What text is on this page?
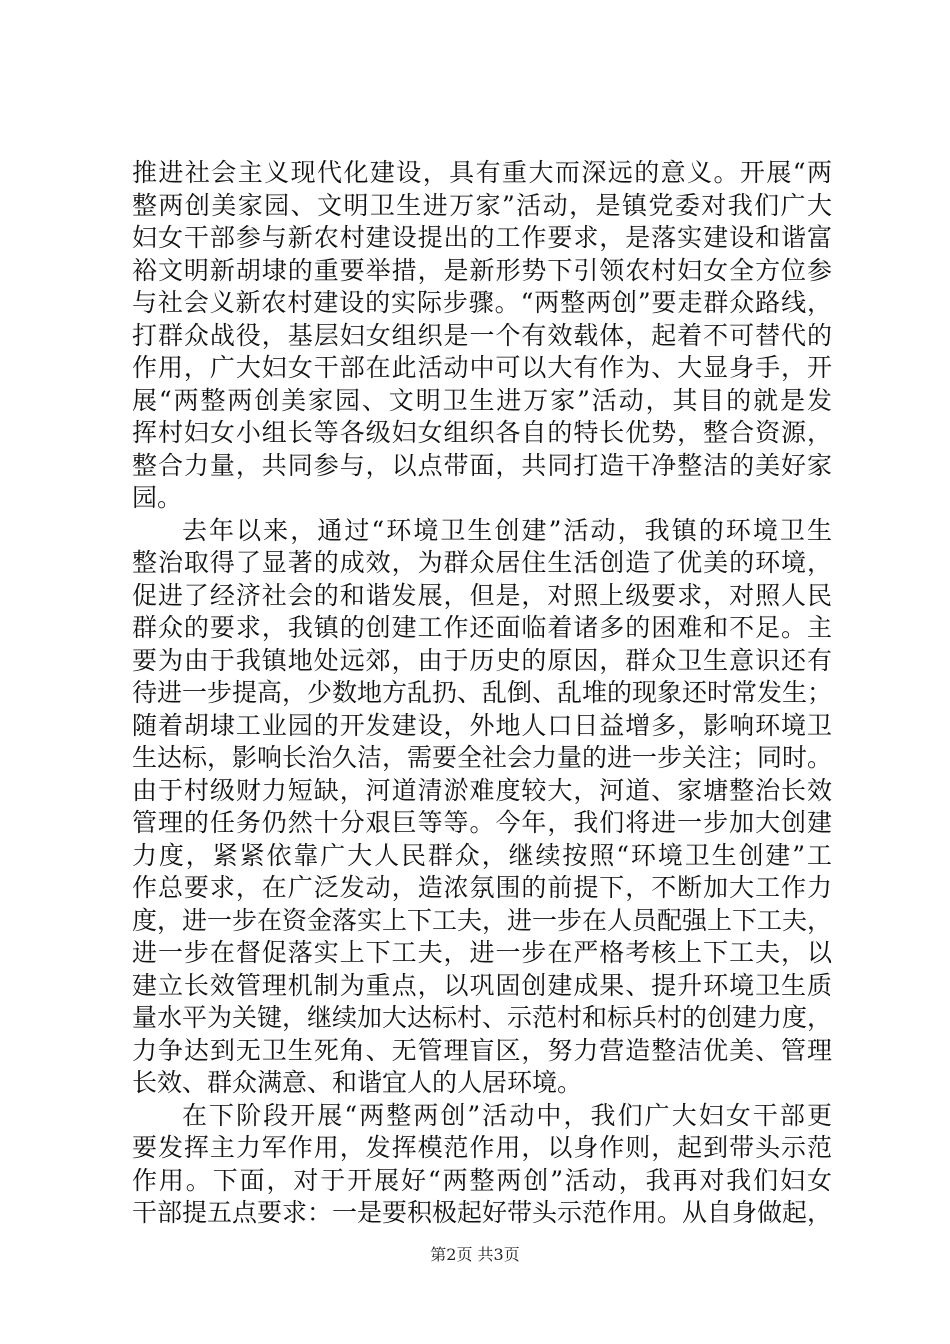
推进社会主义现代化建设，具有重大而深远的意义。开展“两
整两创美家园、文明卫生进万家”活动，是镇党委对我们广大
妇女干部参与新农村建设提出的工作要求，是落实建设和谐富
裕文明新胡埭的重要举措，是新形势下引领农村妇女全方位参
与社会义新农村建设的实际步骤。“两整两创”要走群众路线，
打群众战役，基层妇女组织是一个有效载体，起着不可替代的
作用，广大妇女干部在此活动中可以大有作为、大显身手，开
展“两整两创美家园、文明卫生进万家”活动，其目的就是发
挥村妇女小组长等各级妇女组织各自的特长优势，整合资源，
整合力量，共同参与，以点带面，共同打造干净整洁的美好家
园。
去年以来，通过“环境卫生创建”活动，我镇的环境卫生
整治取得了显著的成效，为群众居住生活创造了优美的环境，
促进了经济社会的和谐发展，但是，对照上级要求，对照人民
群众的要求，我镇的创建工作还面临着诸多的困难和不足。主
要为由于我镇地处远郊，由于历史的原因，群众卫生意识还有
待进一步提高，少数地方乱扔、乱倒、乱堆的现象还时常发生；
随着胡埭工业园的开发建设，外地人口日益增多，影响环境卫
生达标，影响长治久洁，需要全社会力量的进一步关注；同时。
由于村级财力短缺，河道清淤难度较大，河道、家塘整治长效
管理的任务仍然十分艰巨等等。今年，我们将进一步加大创建
力度，紧紧依靠广大人民群众，继续按照“环境卫生创建”工
作总要求，在广泛发动，造浓氛围的前提下，不断加大工作力
度，进一步在资金落实上下工夫，进一步在人员配强上下工夫，
进一步在督促落实上下工夫，进一步在严格考核上下工夫，以
建立长效管理机制为重点，以巩固创建成果、提升环境卫生质
量水平为关键，继续加大达标村、示范村和标兵村的创建力度，
力争达到无卫生死角、无管理盲区，努力营造整洁优美、管理
长效、群众满意、和谐宜人的人居环境。
在下阶段开展“两整两创”活动中，我们广大妇女干部更
要发挥主力军作用，发挥模范作用，以身作则，起到带头示范
作用。下面，对于开展好“两整两创”活动，我再对我们妇女
干部提五点要求：一是要积极起好带头示范作用。从自身做起，
第2页 共3页
